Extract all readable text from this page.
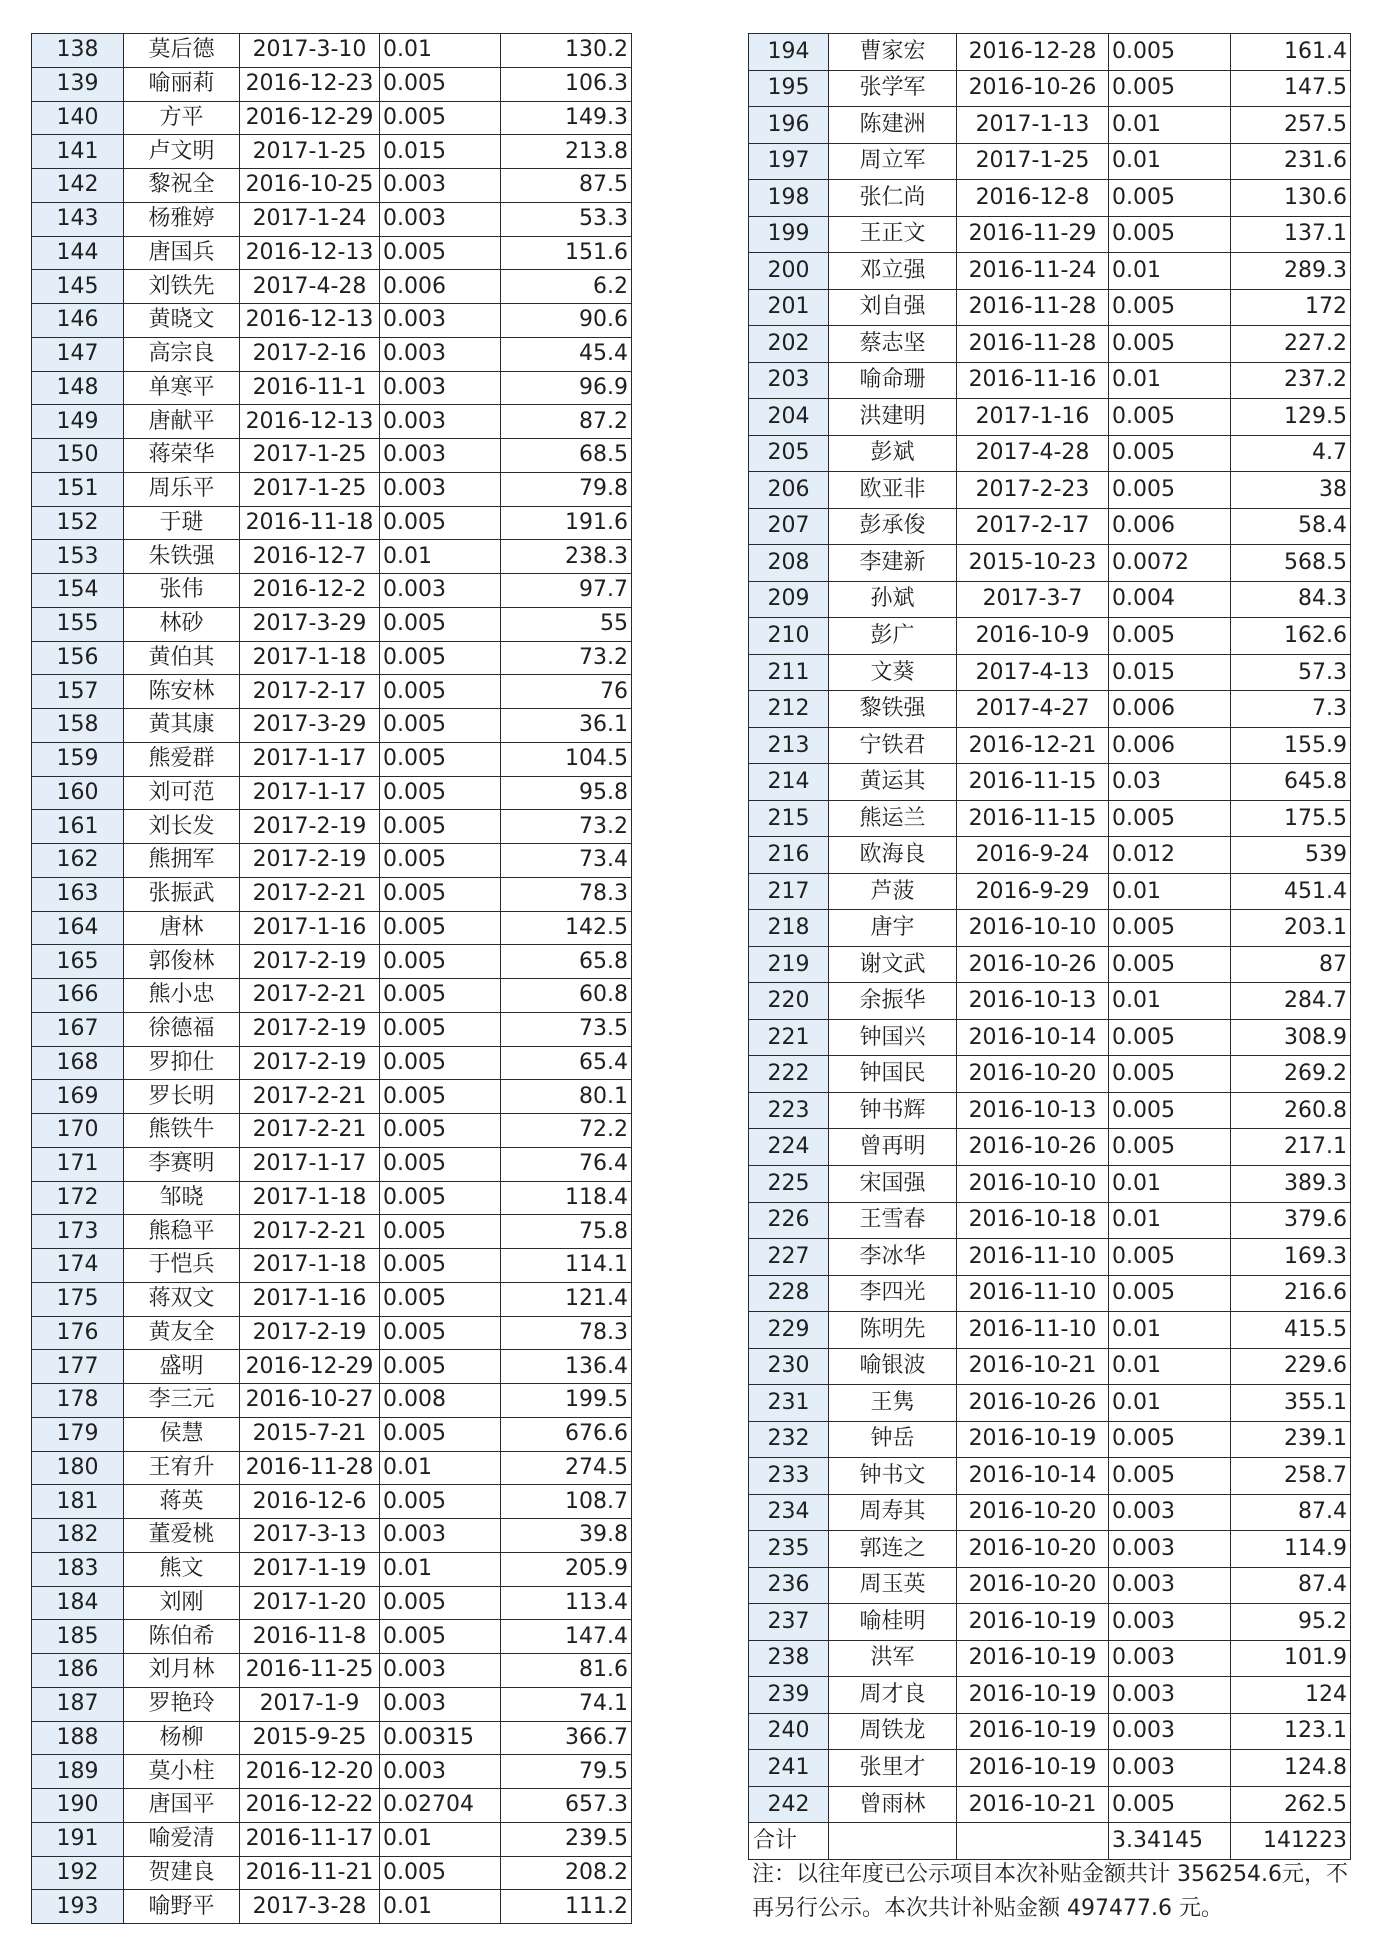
138	莫后德	2017-3-10	0.01	130.2
139	喻丽莉	2016-12-23	0.005	106.3
140	方平	2016-12-29	0.005	149.3
141	卢文明	2017-1-25	0.015	213.8
142	黎祝全	2016-10-25	0.003	87.5
143	杨雅婷	2017-1-24	0.003	53.3
144	唐国兵	2016-12-13	0.005	151.6
145	刘铁先	2017-4-28	0.006	6.2
146	黄晓文	2016-12-13	0.003	90.6
147	高宗良	2017-2-16	0.003	45.4
148	单寒平	2016-11-1	0.003	96.9
149	唐献平	2016-12-13	0.003	87.2
150	蒋荣华	2017-1-25	0.003	68.5
151	周乐平	2017-1-25	0.003	79.8
152	于琎	2016-11-18	0.005	191.6
153	朱铁强	2016-12-7	0.01	238.3
154	张伟	2016-12-2	0.003	97.7
155	林砂	2017-3-29	0.005	55
156	黄伯其	2017-1-18	0.005	73.2
157	陈安林	2017-2-17	0.005	76
158	黄其康	2017-3-29	0.005	36.1
159	熊爱群	2017-1-17	0.005	104.5
160	刘可范	2017-1-17	0.005	95.8
161	刘长发	2017-2-19	0.005	73.2
162	熊拥军	2017-2-19	0.005	73.4
163	张振武	2017-2-21	0.005	78.3
164	唐林	2017-1-16	0.005	142.5
165	郭俊林	2017-2-19	0.005	65.8
166	熊小忠	2017-2-21	0.005	60.8
167	徐德福	2017-2-19	0.005	73.5
168	罗抑仕	2017-2-19	0.005	65.4
169	罗长明	2017-2-21	0.005	80.1
170	熊铁牛	2017-2-21	0.005	72.2
171	李赛明	2017-1-17	0.005	76.4
172	邹晓	2017-1-18	0.005	118.4
173	熊稳平	2017-2-21	0.005	75.8
174	于恺兵	2017-1-18	0.005	114.1
175	蒋双文	2017-1-16	0.005	121.4
176	黄友全	2017-2-19	0.005	78.3
177	盛明	2016-12-29	0.005	136.4
178	李三元	2016-10-27	0.008	199.5
179	侯慧	2015-7-21	0.005	676.6
180	王宥升	2016-11-28	0.01	274.5
181	蒋英	2016-12-6	0.005	108.7
182	董爱桃	2017-3-13	0.003	39.8
183	熊文	2017-1-19	0.01	205.9
184	刘刚	2017-1-20	0.005	113.4
185	陈伯希	2016-11-8	0.005	147.4
186	刘月林	2016-11-25	0.003	81.6
187	罗艳玲	2017-1-9	0.003	74.1
188	杨柳	2015-9-25	0.00315	366.7
189	莫小柱	2016-12-20	0.003	79.5
190	唐国平	2016-12-22	0.02704	657.3
191	喻爱清	2016-11-17	0.01	239.5
192	贺建良	2016-11-21	0.005	208.2
193	喻野平	2017-3-28	0.01	111.2
194	曹家宏	2016-12-28	0.005	161.4
195	张学军	2016-10-26	0.005	147.5
196	陈建洲	2017-1-13	0.01	257.5
197	周立军	2017-1-25	0.01	231.6
198	张仁尚	2016-12-8	0.005	130.6
199	王正文	2016-11-29	0.005	137.1
200	邓立强	2016-11-24	0.01	289.3
201	刘自强	2016-11-28	0.005	172
202	蔡志坚	2016-11-28	0.005	227.2
203	喻命珊	2016-11-16	0.01	237.2
204	洪建明	2017-1-16	0.005	129.5
205	彭斌	2017-4-28	0.005	4.7
206	欧亚非	2017-2-23	0.005	38
207	彭承俊	2017-2-17	0.006	58.4
208	李建新	2015-10-23	0.0072	568.5
209	孙斌	2017-3-7	0.004	84.3
210	彭广	2016-10-9	0.005	162.6
211	文葵	2017-4-13	0.015	57.3
212	黎铁强	2017-4-27	0.006	7.3
213	宁铁君	2016-12-21	0.006	155.9
214	黄运其	2016-11-15	0.03	645.8
215	熊运兰	2016-11-15	0.005	175.5
216	欧海良	2016-9-24	0.012	539
217	芦菠	2016-9-29	0.01	451.4
218	唐宇	2016-10-10	0.005	203.1
219	谢文武	2016-10-26	0.005	87
220	余振华	2016-10-13	0.01	284.7
221	钟国兴	2016-10-14	0.005	308.9
222	钟国民	2016-10-20	0.005	269.2
223	钟书辉	2016-10-13	0.005	260.8
224	曾再明	2016-10-26	0.005	217.1
225	宋国强	2016-10-10	0.01	389.3
226	王雪春	2016-10-18	0.01	379.6
227	李冰华	2016-11-10	0.005	169.3
228	李四光	2016-11-10	0.005	216.6
229	陈明先	2016-11-10	0.01	415.5
230	喻银波	2016-10-21	0.01	229.6
231	王隽	2016-10-26	0.01	355.1
232	钟岳	2016-10-19	0.005	239.1
233	钟书文	2016-10-14	0.005	258.7
234	周寿其	2016-10-20	0.003	87.4
235	郭连之	2016-10-20	0.003	114.9
236	周玉英	2016-10-20	0.003	87.4
237	喻桂明	2016-10-19	0.003	95.2
238	洪军	2016-10-19	0.003	101.9
239	周才良	2016-10-19	0.003	124
240	周铁龙	2016-10-19	0.003	123.1
241	张里才	2016-10-19	0.003	124.8
242	曾雨林	2016-10-21	0.005	262.5
合计			3.34145	141223

注：以往年度已公示项目本次补贴金额共计 356254.6元，不再另行公示。本次共计补贴金额 497477.6 元。
